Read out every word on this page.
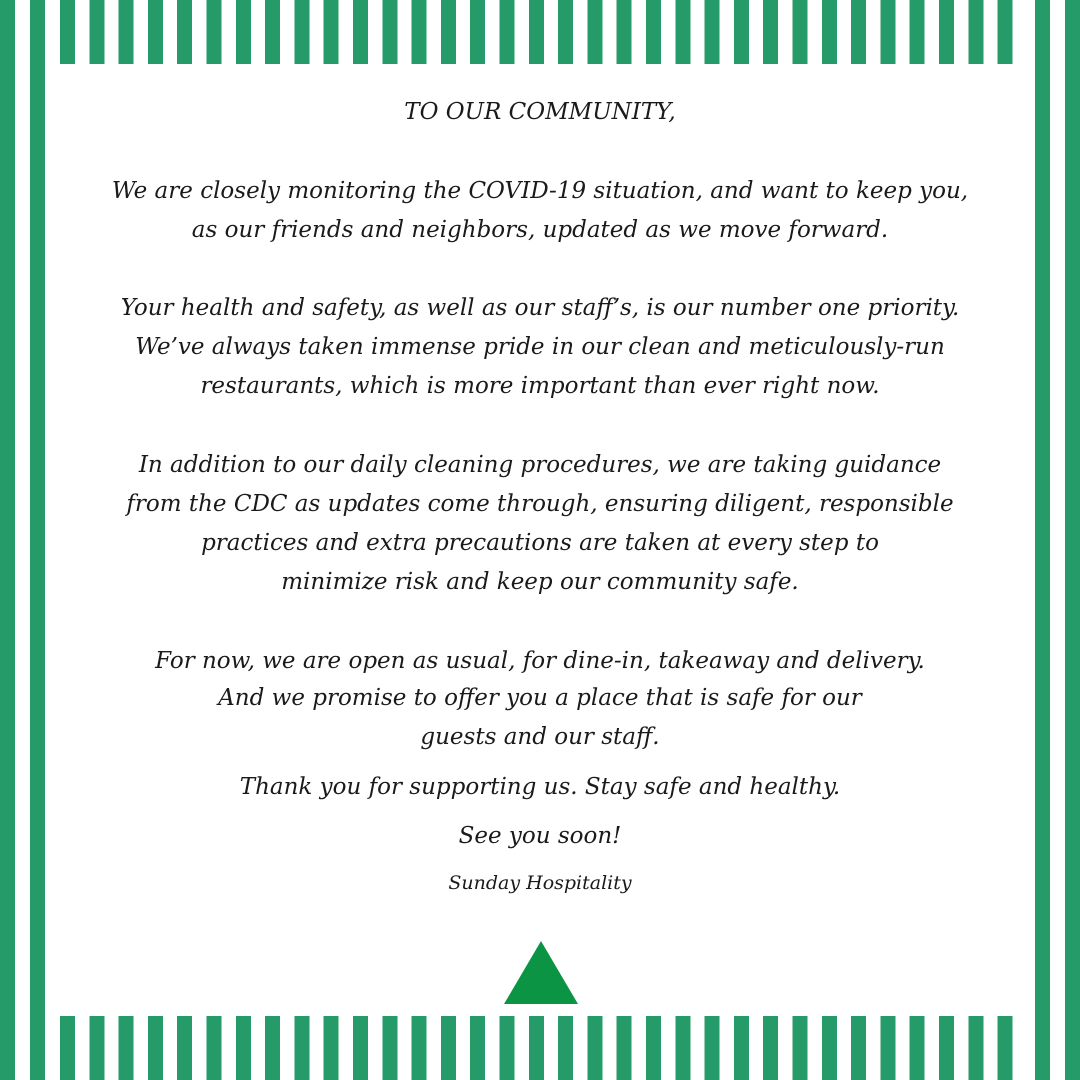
TO OUR COMMUNITY,
We are closely monitoring the COVID-19 situation, and want to keep you,
as our friends and neighbors, updated as we move forward.
Your health and safety, as well as our staff’s, is our number one priority.
We’ve always taken immense pride in our clean and meticulously-run
restaurants, which is more important than ever right now.
In addition to our daily cleaning procedures, we are taking guidance
from the CDC as updates come through, ensuring diligent, responsible
practices and extra precautions are taken at every step to
minimize risk and keep our community safe.
For now, we are open as usual, for dine-in, takeaway and delivery.
And we promise to offer you a place that is safe for our
guests and our staff.
Thank you for supporting us. Stay safe and healthy.
See you soon!
Sunday Hospitality
